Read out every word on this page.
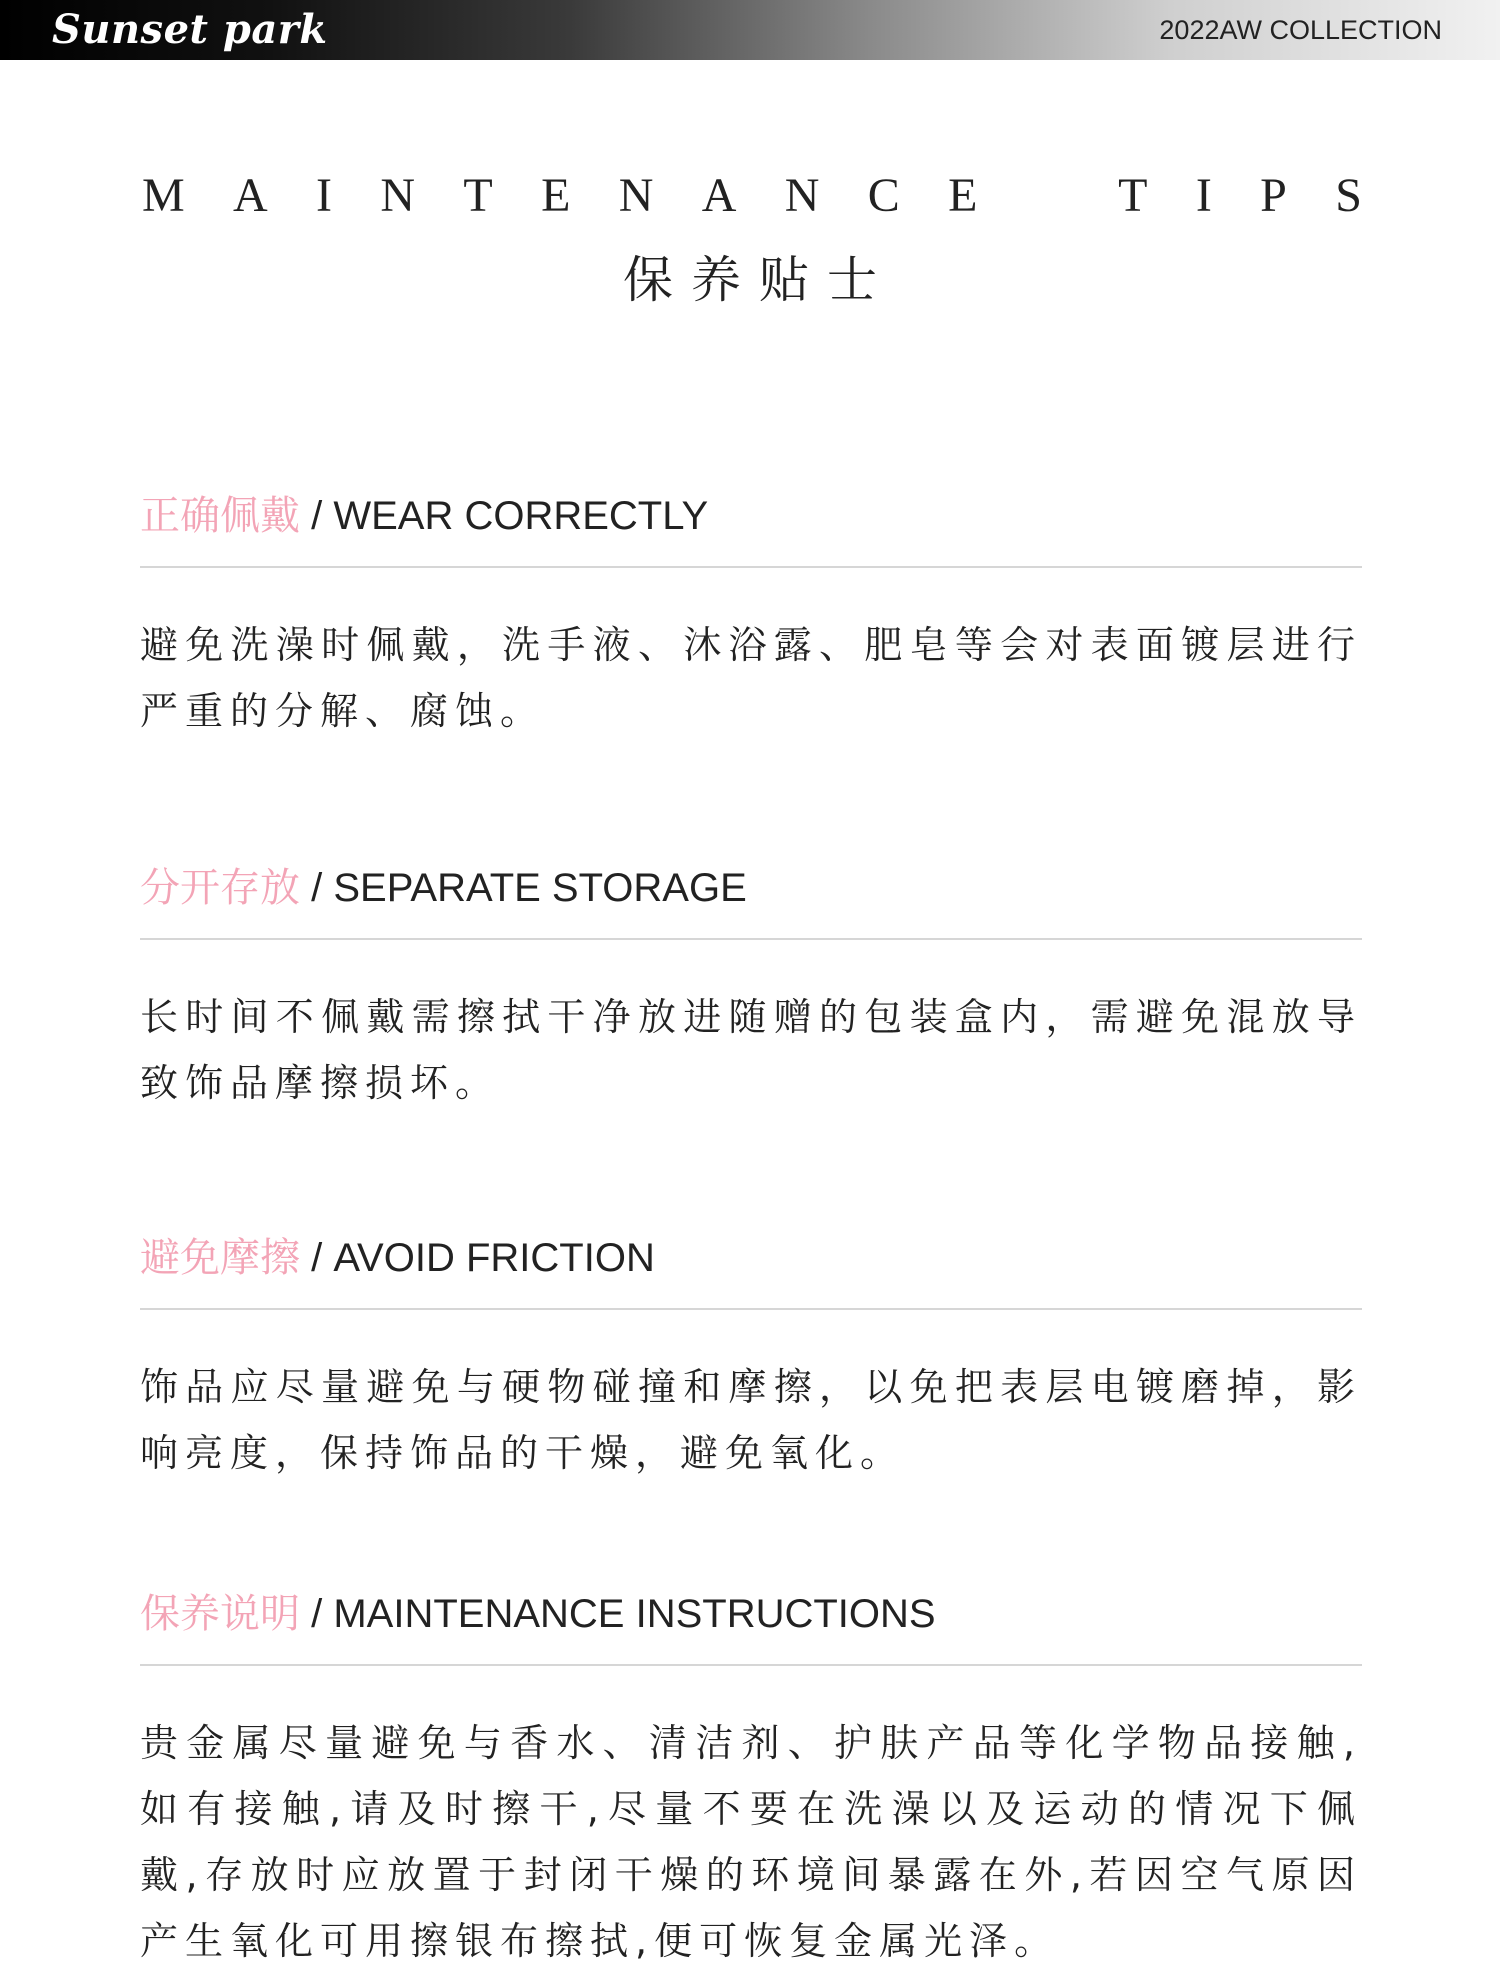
Sunset park	2022AW COLLECTION
M A I N T E N A N C E	T I P S
保养贴士
正确佩戴 / WEAR CORRECTLY
避免洗澡时佩戴，洗手液、沐浴露、肥皂等会对表面镀层进行严重的分解、腐蚀。
分开存放 / SEPARATE STORAGE
长时间不佩戴需擦拭干净放进随赠的包装盒内，需避免混放导致饰品摩擦损坏。
避免摩擦 / AVOID FRICTION
饰品应尽量避免与硬物碰撞和摩擦，以免把表层电镀磨掉，影响亮度，保持饰品的干燥，避免氧化。
保养说明 / MAINTENANCE INSTRUCTIONS
贵金属尽量避免与香水、清洁剂、护肤产品等化学物品接触,如有接触,请及时擦干,尽量不要在洗澡以及运动的情况下佩戴,存放时应放置于封闭干燥的环境间暴露在外,若因空气原因产生氧化可用擦银布擦拭,便可恢复金属光泽。
